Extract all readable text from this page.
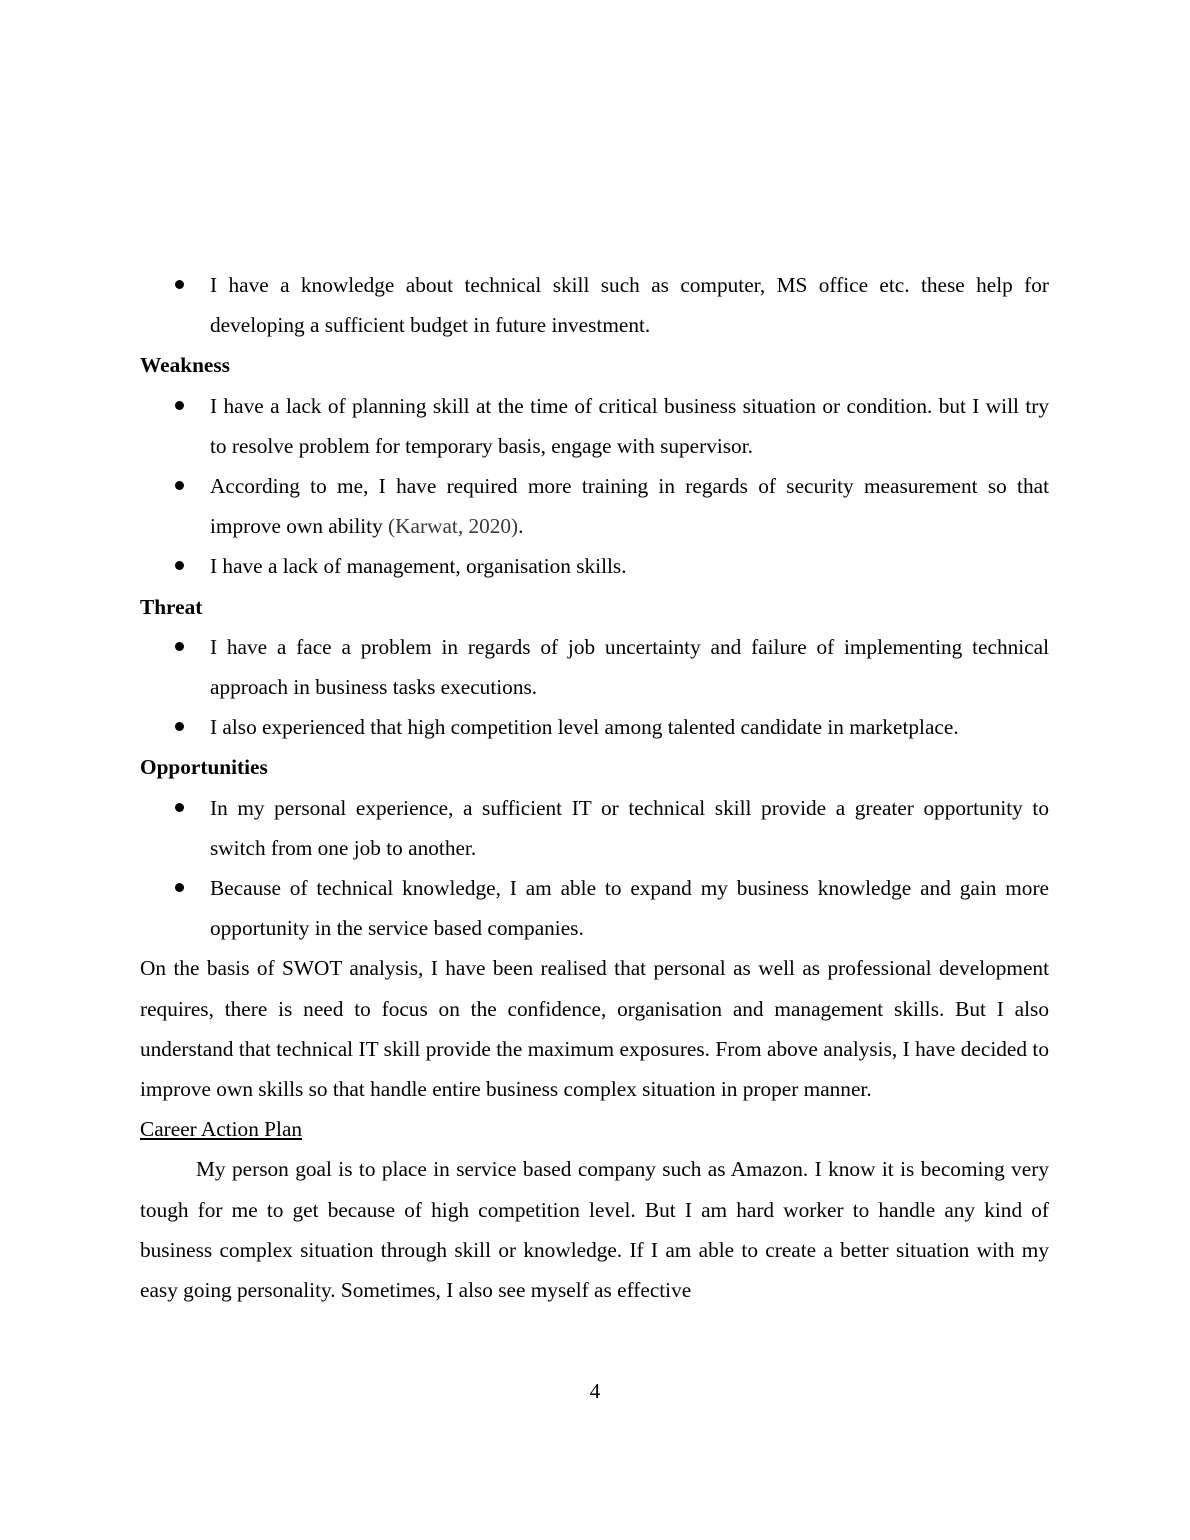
I have a knowledge about technical skill such as computer, MS office etc. these help for developing a sufficient budget in future investment.
Weakness
I have a lack of planning skill at the time of critical business situation or condition. but I will try to resolve problem for temporary basis, engage with supervisor.
According to me, I have required more training in regards of security measurement so that improve own ability (Karwat, 2020).
I have a lack of management, organisation skills.
Threat
I have a face a problem in regards of job uncertainty and failure of implementing technical approach in business tasks executions.
I also experienced that high competition level among talented candidate in marketplace.
Opportunities
In my personal experience, a sufficient IT or technical skill provide a greater opportunity to switch from one job to another.
Because of technical knowledge, I am able to expand my business knowledge and gain more opportunity in the service based companies.

On the basis of SWOT analysis, I have been realised that personal as well as professional development requires, there is need to focus on the confidence, organisation and management skills. But I also understand that technical IT skill provide the maximum exposures. From above analysis, I have decided to improve own skills so that handle entire business complex situation in proper manner.

Career Action Plan

My person goal is to place in service based company such as Amazon. I know it is becoming very tough for me to get because of high competition level. But I am hard worker to handle any kind of business complex situation through skill or knowledge. If I am able to create a better situation with my easy going personality. Sometimes, I also see myself as effective

4
